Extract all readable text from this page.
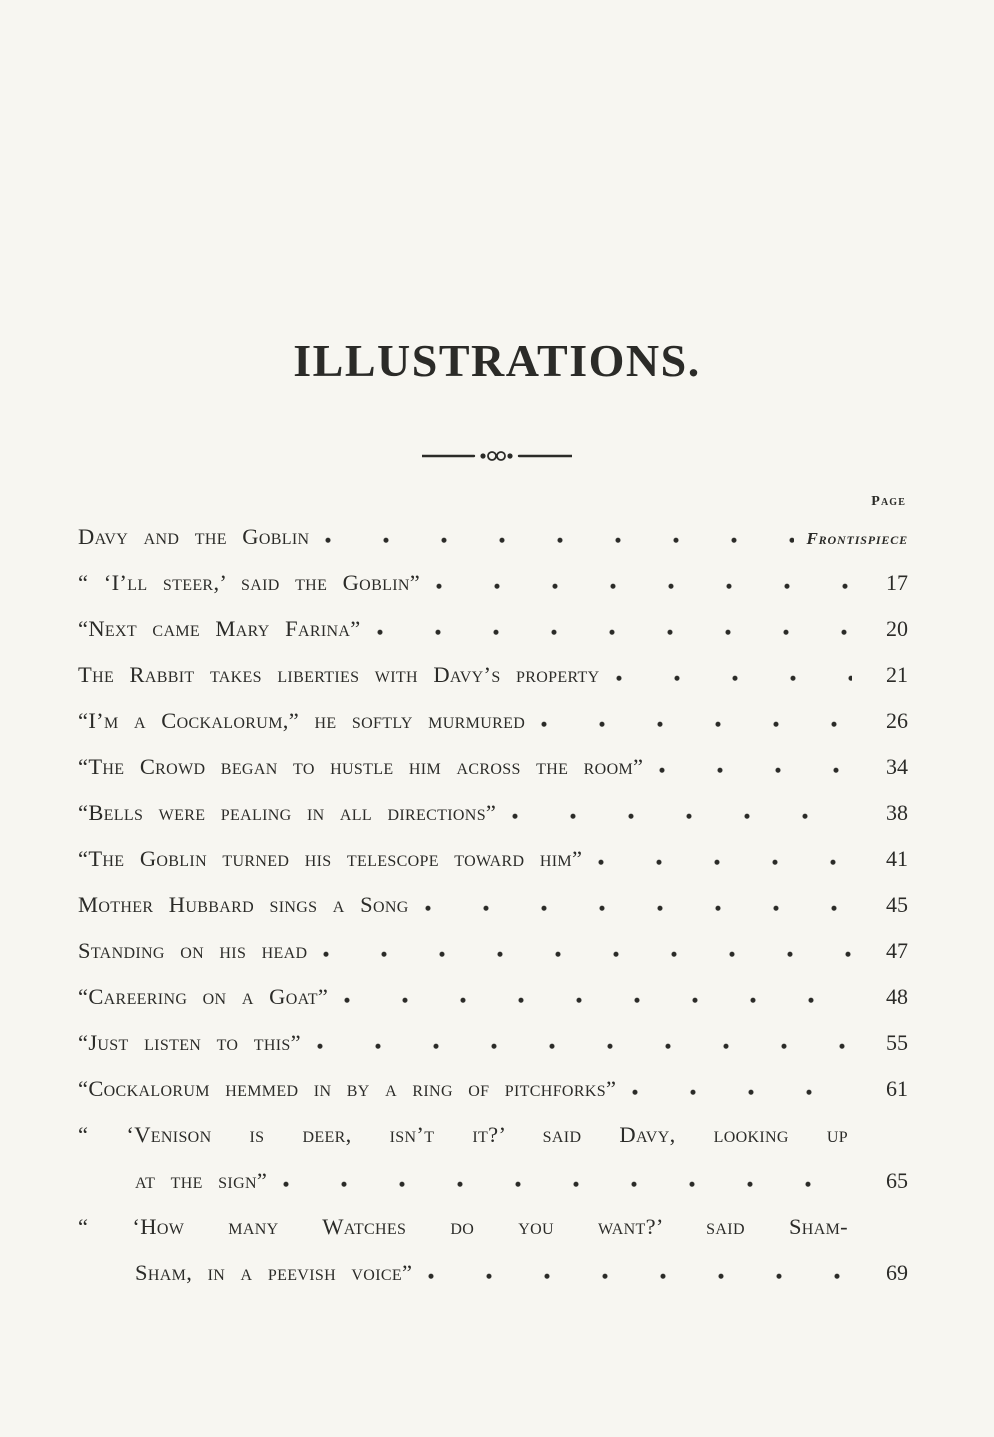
ILLUSTRATIONS.
Page
Davy and the Goblin	Frontispiece
“ ‘I’ll steer,’ said the Goblin”	17
“Next came Mary Farina”	20
The Rabbit takes liberties with Davy’s property	21
“I’m a Cockalorum,” he softly murmured	26
“The Crowd began to hustle him across the room”	34
“Bells were pealing in all directions”	38
“The Goblin turned his telescope toward him”	41
Mother Hubbard sings a Song	45
Standing on his head	47
“Careering on a Goat”	48
“Just listen to this”	55
“Cockalorum hemmed in by a ring of pitchforks”	61
“ ‘Venison is deer, isn’t it?’ said Davy, looking up
at the sign”	65
“ ‘How many Watches do you want?’ said Sham-
Sham, in a peevish voice”	69
